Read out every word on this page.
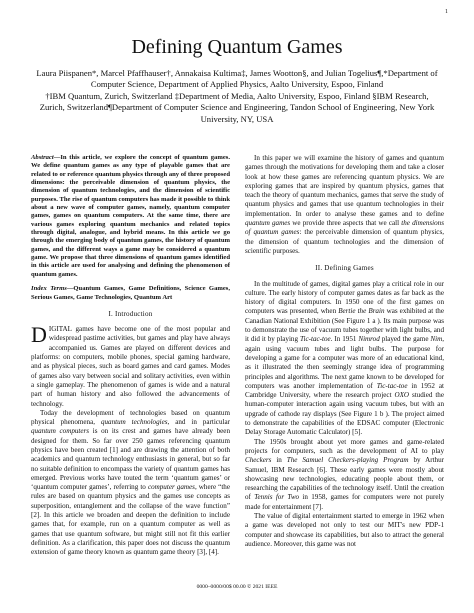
1
Defining Quantum Games
Laura Piispanen*, Marcel Pfaffhauser†, Annakaisa Kultima‡, James Wootton§, and Julian Togelius¶,*Department of
Computer Science, Department of Applied Physics, Aalto University, Espoo, Finland
†IBM Quantum, Zurich, Switzerland ‡Department of Media, Aalto University, Espoo, Finland §IBM Research,
Zurich, Switzerland¶Department of Computer Science and Engineering, Tandon School of Engineering, New York
University, NY, USA

Abstract—In this article, we explore the concept of quantum games. We define quantum games as any type of playable games that are related to or reference quantum physics through any of three proposed dimensions: the perceivable dimension of quantum physics, the dimension of quantum technologies, and the dimension of scientific purposes. The rise of quantum computers has made it possible to think about a new wave of computer games, namely, quantum computer games, games on quantum computers. At the same time, there are various games exploring quantum mechanics and related topics through digital, analogue, and hybrid means. In this article we go through the emerging body of quantum games, the history of quantum games, and the different ways a game may be considered a quantum game. We propose that three dimensions of quantum games identified in this article are used for analysing and defining the phenomenon of quantum games.

Index Terms—Quantum Games, Game Definitions, Science Games, Serious Games, Game Technologies, Quantum Art

I. Introduction

DIGITAL games have become one of the most popular and widespread pastime activities, but games and play have always accompanied us. Games are played on different devices and platforms: on computers, mobile phones, special gaming hardware, and as physical pieces, such as board games and card games. Modes of games also vary between social and solitary activities, even within a single gameplay. The phenomenon of games is wide and a natural part of human history and also followed the advancements of technology.

Today the development of technologies based on quantum physical phenomena, quantum technologies, and in particular quantum computers is on its crest and games have already been designed for them. So far over 250 games referencing quantum physics have been created [1] and are drawing the attention of both academics and quantum technology enthusiasts in general, but so far no suitable definition to encompass the variety of quantum games has emerged. Previous works have touted the term ‘quantum games’ or ‘quantum computer games’, referring to computer games, where “the rules are based on quantum physics and the games use concepts as superposition, entanglement and the collapse of the wave function” [2]. In this article we broaden and deepen the definition to include games that, for example, run on a quantum computer as well as games that use quantum software, but might still not fit this earlier definition. As a clarification, this paper does not discuss the quantum extension of game theory known as quantum game theory [3], [4].

In this paper we will examine the history of games and quantum games through the motivations for developing them and take a closer look at how these games are referencing quantum physics. We are exploring games that are inspired by quantum physics, games that teach the theory of quantum mechanics, games that serve the study of quantum physics and games that use quantum technologies in their implementation. In order to analyse these games and to define quantum games we provide three aspects that we call the dimensions of quantum games: the perceivable dimension of quantum physics, the dimension of quantum technologies and the dimension of scientific purposes.

II. Defining Games

In the multitude of games, digital games play a critical role in our culture. The early history of computer games dates as far back as the history of digital computers. In 1950 one of the first games on computers was presented, when Bertie the Brain was exhibited at the Canadian National Exhibition (See Figure 1 a ). Its main purpose was to demonstrate the use of vacuum tubes together with light bulbs, and it did it by playing Tic-tac-toe. In 1951 Nimrod played the game Nim, again using vacuum tubes and light bulbs. The purpose for developing a game for a computer was more of an educational kind, as it illustrated the then seemingly strange idea of programming principles and algorithms. The next game known to be developed for computers was another implementation of Tic-tac-toe in 1952 at Cambridge University, where the research project OXO studied the human-computer interaction again using vacuum tubes, but with an upgrade of cathode ray displays (See Figure 1 b ). The project aimed to demonstrate the capabilities of the EDSAC computer (Electronic Delay Storage Automatic Calculator) [5].

The 1950s brought about yet more games and game-related projects for computers, such as the development of AI to play Checkers in The Samuel Checkers-playing Program by Arthur Samuel, IBM Research [6]. These early games were mostly about showcasing new technologies, educating people about them, or researching the capabilities of the technology itself. Until the creation of Tennis for Two in 1958, games for computers were not purely made for entertainment [7].

The value of digital entertainment started to emerge in 1962 when a game was developed not only to test our MIT's new PDP-1 computer and showcase its capabilities, but also to attract the general audience. Moreover, this game was not

0000–0000/00$ 00.00 © 2021 IEEE
